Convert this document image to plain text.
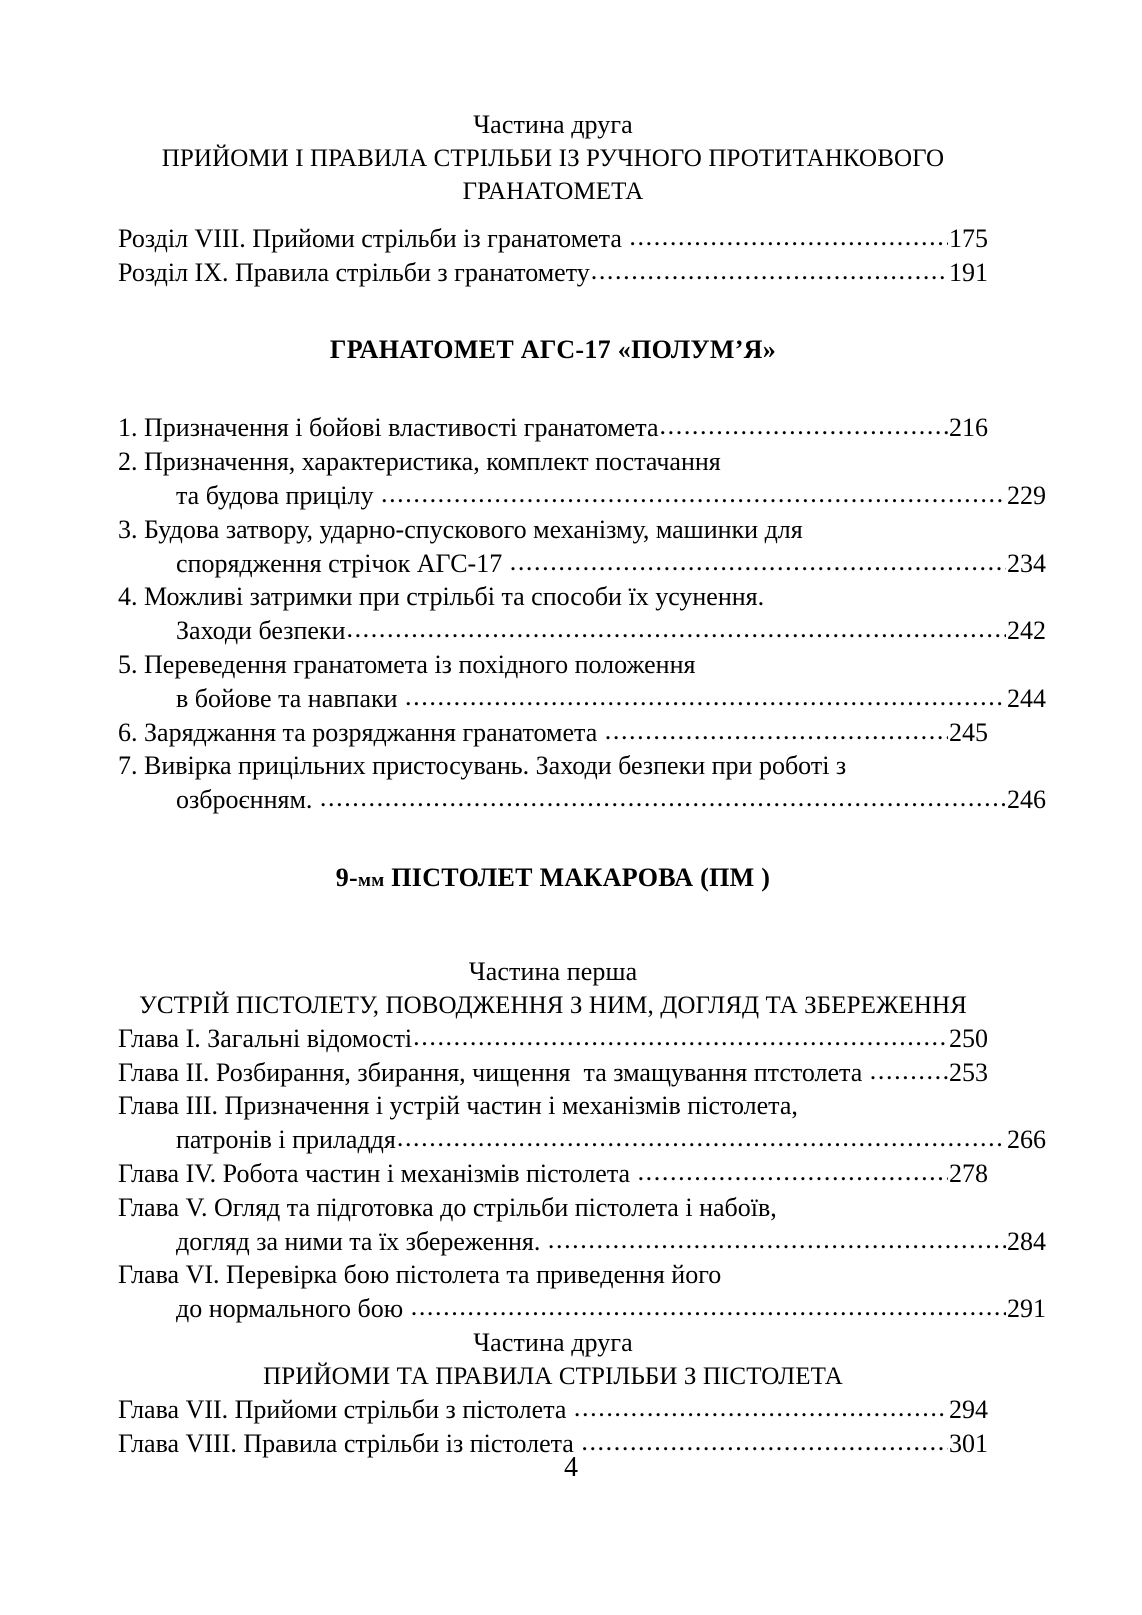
Частина друга
ПРИЙОМИ І ПРАВИЛА СТРІЛЬБИ ІЗ РУЧНОГО ПРОТИТАНКОВОГО
ГРАНАТОМЕТА
Розділ VIII. Прийоми стрільби із гранатомета .....	175
Розділ IX. Правила стрільби з гранатомету .....	191
ГРАНАТОМЕТ АГС-17 «ПОЛУМ’Я»
1. Призначення і бойові властивості гранатомета .....	216
2. Призначення, характеристика, комплект постачання
та будова прицілу .....	229
3. Будова затвору, ударно-спускового механізму, машинки для
спорядження стрічок АГС-17 .....	234
4. Можливі затримки при стрільбі та способи їх усунення.
Заходи безпеки .....	242
5. Переведення гранатомета із похідного положення
в бойове та навпаки .....	244
6. Заряджання та розряджання гранатомета .....	245
7. Вивірка прицільних пристосувань. Заходи безпеки при роботі з
озброєнням. .....	246
9-мм ПІСТОЛЕТ МАКАРОВА (ПМ )
Частина перша
УСТРІЙ ПІСТОЛЕТУ, ПОВОДЖЕННЯ З НИМ, ДОГЛЯД ТА ЗБЕРЕЖЕННЯ
Глава I. Загальні відомості .....	250
Глава II. Розбирання, збирання, чищення  та змащування птстолета .....	253
Глава III. Призначення і устрій частин і механізмів пістолета,
патронів і приладдя .....	266
Глава IV. Робота частин і механізмів пістолета .....	278
Глава V. Огляд та підготовка до стрільби пістолета і набоїв,
догляд за ними та їх збереження. .....	284
Глава VI. Перевірка бою пістолета та приведення його
до нормального бою .....	291
Частина друга
ПРИЙОМИ ТА ПРАВИЛА СТРІЛЬБИ З ПІСТОЛЕТА
Глава VII. Прийоми стрільби з пістолета .....	294
Глава VIII. Правила стрільби із пістолета .....	301
4
